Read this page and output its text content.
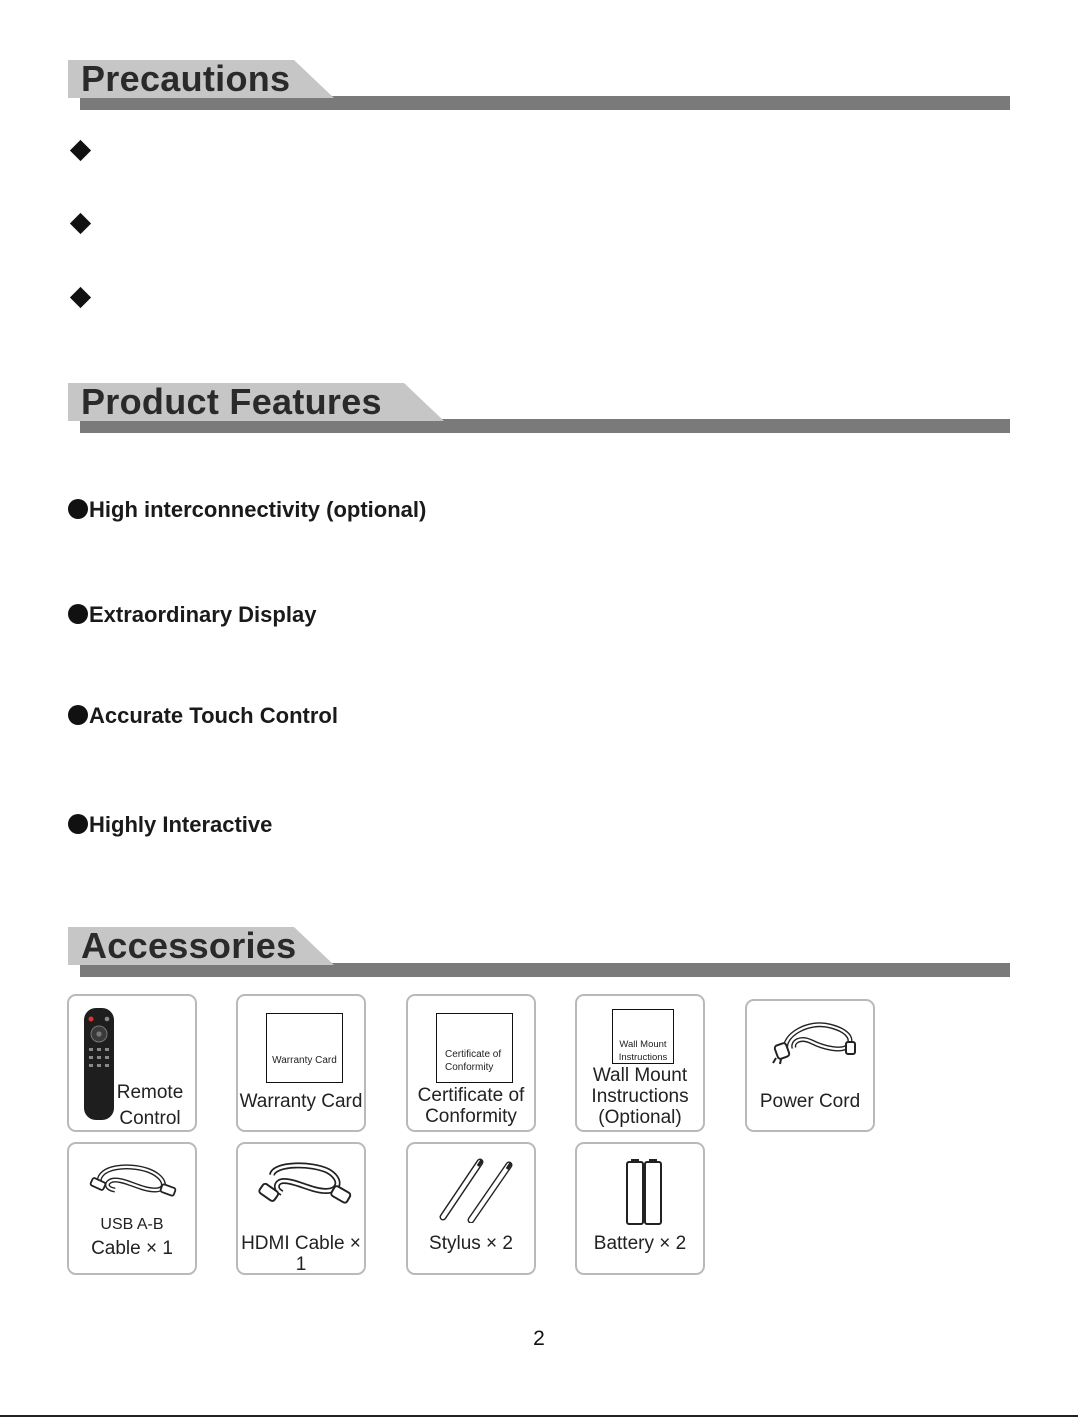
Precautions
Product Features
High interconnectivity (optional)
Extraordinary Display
Accurate Touch Control
Highly Interactive
Accessories
Remote
Control

Warranty Card

Warranty Card

Certificate of
Conformity

Certificate of
Conformity

Wall Mount
Instructions

Wall Mount
Instructions
(Optional)
Power Cord
USB A-B
Cable × 1	HDMI Cable × 1
Stylus × 2	Battery × 2
2
